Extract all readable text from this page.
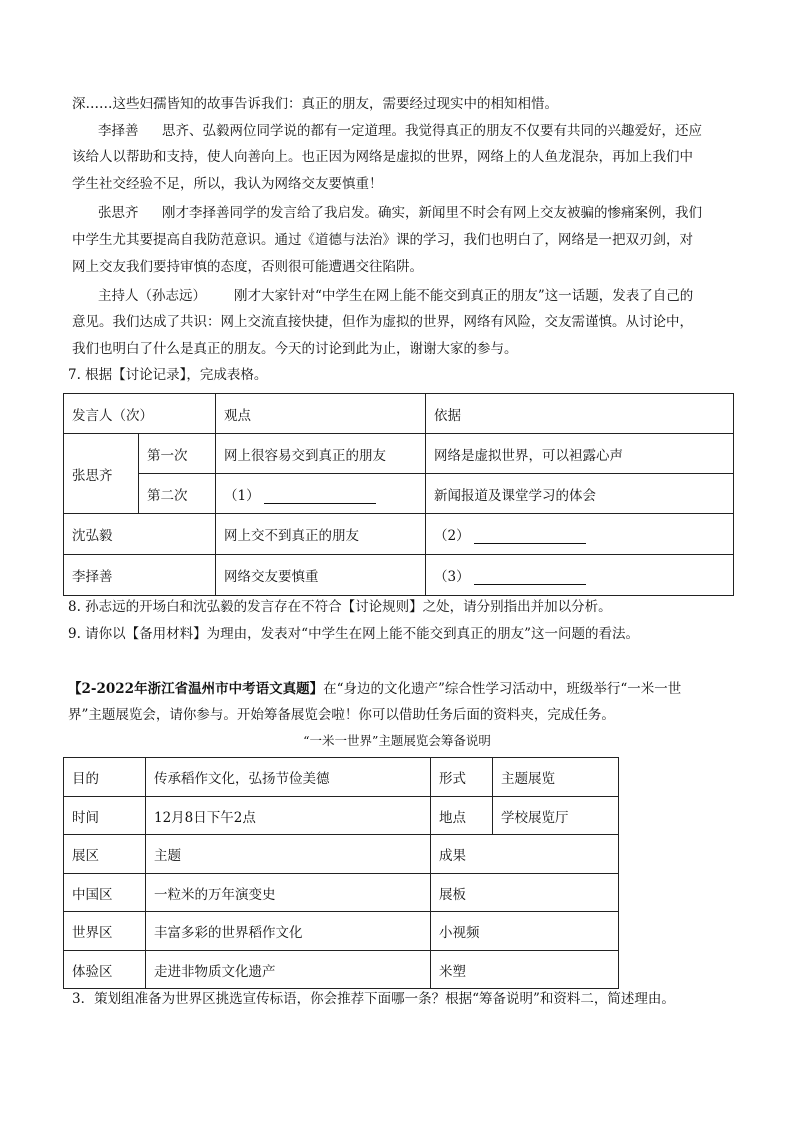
深……这些妇孺皆知的故事告诉我们：真正的朋友，需要经过现实中的相知相惜。
李择善 思齐、弘毅两位同学说的都有一定道理。我觉得真正的朋友不仅要有共同的兴趣爱好，还应
该给人以帮助和支持，使人向善向上。也正因为网络是虚拟的世界，网络上的人鱼龙混杂，再加上我们中
学生社交经验不足，所以，我认为网络交友要慎重！
张思齐 刚才李择善同学的发言给了我启发。确实，新闻里不时会有网上交友被骗的惨痛案例，我们
中学生尤其要提高自我防范意识。通过《道德与法治》课的学习，我们也明白了，网络是一把双刃剑，对
网上交友我们要持审慎的态度，否则很可能遭遇交往陷阱。
主持人（孙志远） 刚才大家针对“中学生在网上能不能交到真正的朋友”这一话题，发表了自己的
意见。我们达成了共识：网上交流直接快捷，但作为虚拟的世界，网络有风险，交友需谨慎。从讨论中，
我们也明白了什么是真正的朋友。今天的讨论到此为止，谢谢大家的参与。
7. 根据【讨论记录】，完成表格。
发言人（次）		观点	依据
张思齐	第一次	网上很容易交到真正的朋友	网络是虚拟世界，可以袒露心声
	第二次	（1）	新闻报道及课堂学习的体会
沈弘毅		网上交不到真正的朋友	（2）
李择善		网络交友要慎重	（3）
8. 孙志远的开场白和沈弘毅的发言存在不符合【讨论规则】之处，请分别指出并加以分析。
9. 请你以【备用材料】为理由，发表对“中学生在网上能不能交到真正的朋友”这一问题的看法。
【2-2022年浙江省温州市中考语文真题】在“身边的文化遗产”综合性学习活动中，班级举行“一米一世
界”主题展览会，请你参与。开始筹备展览会啦！你可以借助任务后面的资料夹，完成任务。
“一米一世界”主题展览会筹备说明
目的	传承稻作文化，弘扬节俭美德	形式	主题展览
时间	12月8日下午2点	地点	学校展览厅
展区	主题	成果	
中国区	一粒米的万年演变史	展板	
世界区	丰富多彩的世界稻作文化	小视频	
体验区	走进非物质文化遗产	米塑	
3．策划组准备为世界区挑选宣传标语，你会推荐下面哪一条？根据“筹备说明”和资料二，简述理由。
